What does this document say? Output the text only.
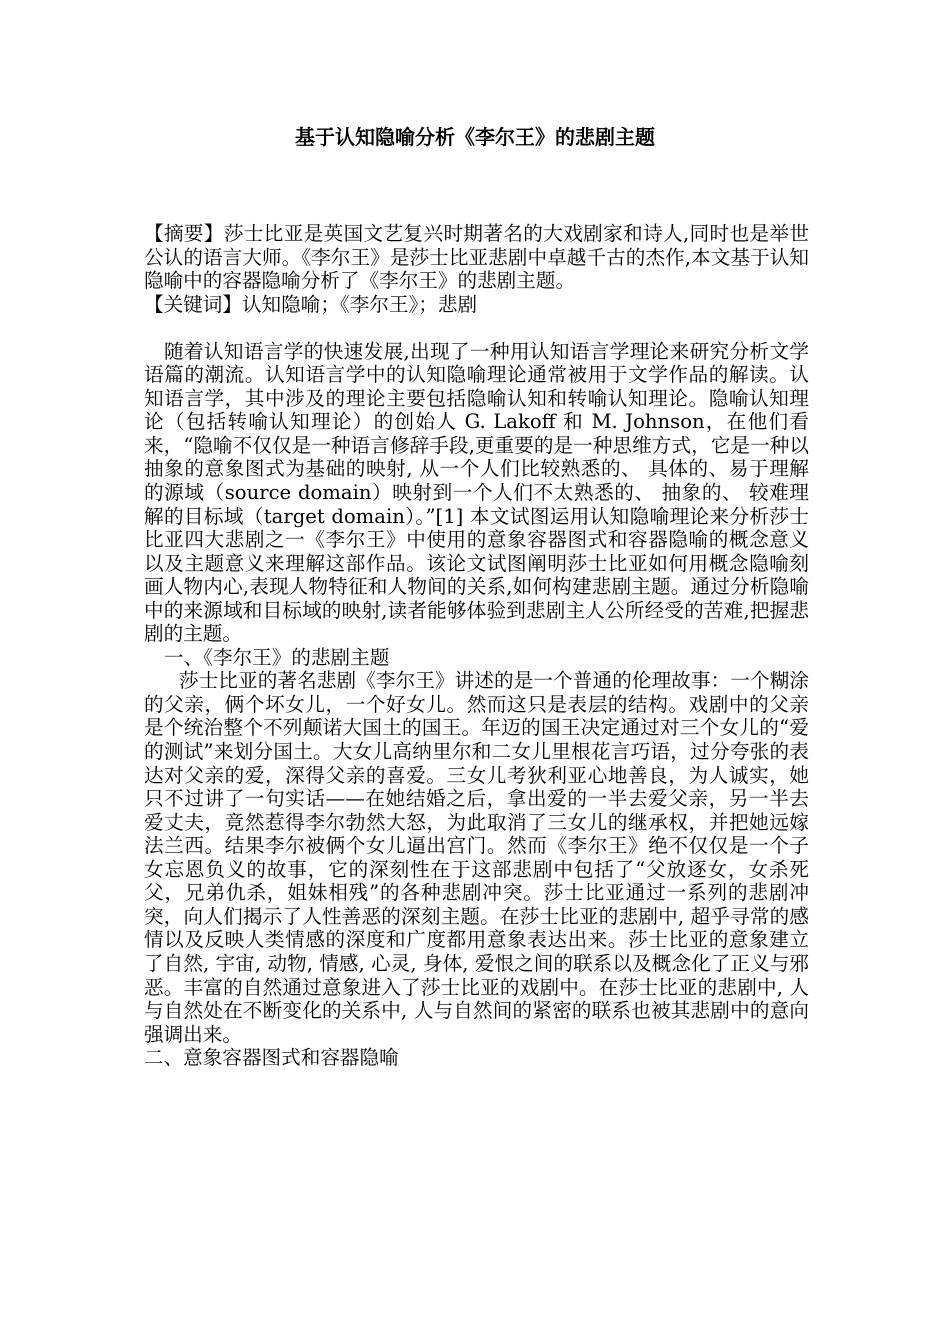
基于认知隐喻分析《李尔王》的悲剧主题

【摘要】莎士比亚是英国文艺复兴时期著名的大戏剧家和诗人,同时也是举世公认的语言大师。《李尔王》是莎士比亚悲剧中卓越千古的杰作,本文基于认知隐喻中的容器隐喻分析了《李尔王》的悲剧主题。

【关键词】认知隐喻；《李尔王》；悲剧

随着认知语言学的快速发展,出现了一种用认知语言学理论来研究分析文学语篇的潮流。认知语言学中的认知隐喻理论通常被用于文学作品的解读。认知语言学，其中涉及的理论主要包括隐喻认知和转喻认知理论。隐喻认知理论（包括转喻认知理论）的创始人 G. Lakoff 和 M. Johnson，在他们看来，“隐喻不仅仅是一种语言修辞手段,更重要的是一种思维方式，它是一种以抽象的意象图式为基础的映射, 从一个人们比较熟悉的、 具体的、易于理解的源域（source domain）映射到一个人们不太熟悉的、 抽象的、 较难理解的目标域（target domain）。”[1] 本文试图运用认知隐喻理论来分析莎士比亚四大悲剧之一《李尔王》中使用的意象容器图式和容器隐喻的概念意义以及主题意义来理解这部作品。该论文试图阐明莎士比亚如何用概念隐喻刻画人物内心,表现人物特征和人物间的关系,如何构建悲剧主题。通过分析隐喻中的来源域和目标域的映射,读者能够体验到悲剧主人公所经受的苦难,把握悲剧的主题。

一、《李尔王》的悲剧主题

莎士比亚的著名悲剧《李尔王》讲述的是一个普通的伦理故事：一个糊涂的父亲，俩个坏女儿，一个好女儿。然而这只是表层的结构。戏剧中的父亲是个统治整个不列颠诺大国土的国王。年迈的国王决定通过对三个女儿的“爱的测试”来划分国土。大女儿高纳里尔和二女儿里根花言巧语，过分夸张的表达对父亲的爱，深得父亲的喜爱。三女儿考狄利亚心地善良，为人诚实，她只不过讲了一句实话——在她结婚之后，拿出爱的一半去爱父亲，另一半去爱丈夫，竟然惹得李尔勃然大怒，为此取消了三女儿的继承权，并把她远嫁法兰西。结果李尔被俩个女儿逼出宫门。然而《李尔王》绝不仅仅是一个子女忘恩负义的故事，它的深刻性在于这部悲剧中包括了“父放逐女，女杀死父，兄弟仇杀，姐妹相残”的各种悲剧冲突。莎士比亚通过一系列的悲剧冲突，向人们揭示了人性善恶的深刻主题。在莎士比亚的悲剧中, 超乎寻常的感情以及反映人类情感的深度和广度都用意象表达出来。莎士比亚的意象建立了自然, 宇宙, 动物, 情感, 心灵, 身体, 爱恨之间的联系以及概念化了正义与邪恶。丰富的自然通过意象进入了莎士比亚的戏剧中。在莎士比亚的悲剧中, 人与自然处在不断变化的关系中, 人与自然间的紧密的联系也被其悲剧中的意向强调出来。

二、意象容器图式和容器隐喻
